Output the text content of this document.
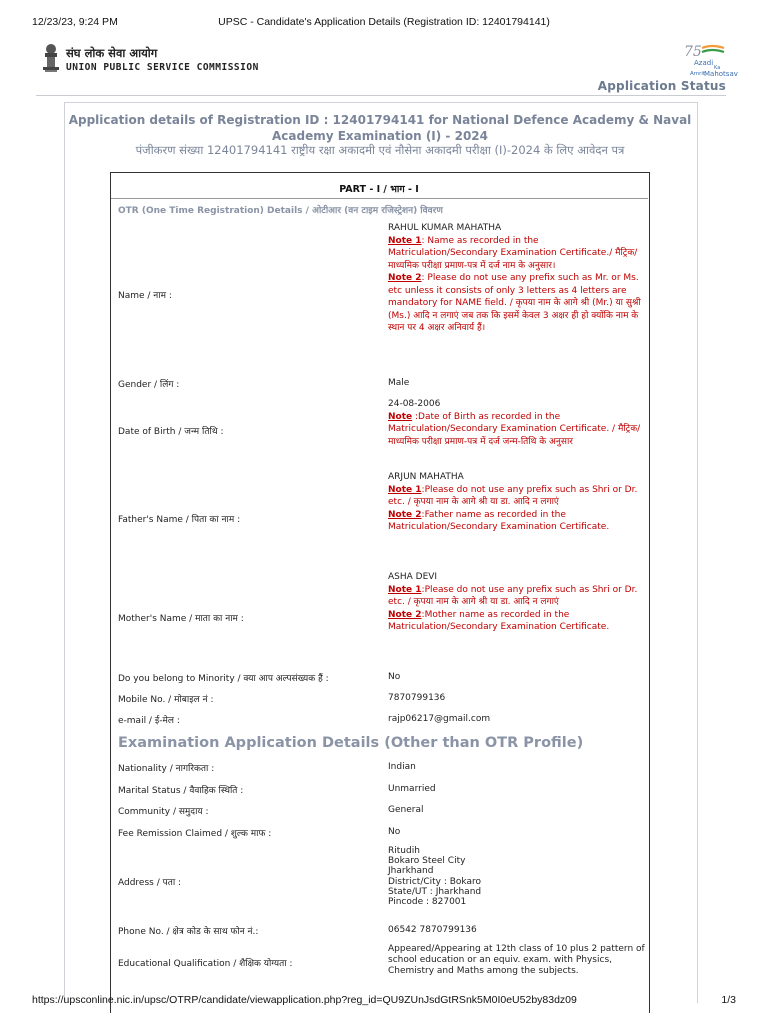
12/23/23, 9:24 PM	UPSC - Candidate's Application Details (Registration ID: 12401794141)
संघ लोक सेवा आयोग
UNION PUBLIC SERVICE COMMISSION
75
Azadi
Ka
Amrit
Mahotsav
Application Status
Application details of Registration ID : 12401794141 for National Defence Academy & Naval
Academy Examination (I) - 2024
पंजीकरण संख्या 12401794141 राष्ट्रीय रक्षा अकादमी एवं नौसेना अकादमी परीक्षा (I)-2024 के लिए आवेदन पत्र
PART - I / भाग - I
OTR (One Time Registration) Details / ओटीआर (वन टाइम रजिस्ट्रेशन) विवरण
Name / नाम :
RAHUL KUMAR MAHATHA
Note 1: Name as recorded in the Matriculation/Secondary Examination Certificate./ मैट्रिक/माध्यमिक परीक्षा प्रमाण-पत्र में दर्ज नाम के अनुसार।
Note 2: Please do not use any prefix such as Mr. or Ms. etc unless it consists of only 3 letters as 4 letters are mandatory for NAME field. / कृपया नाम के आगे श्री (Mr.) या सुश्री (Ms.) आदि न लगाएं जब तक कि इसमें केवल 3 अक्षर ही हो क्योंकि नाम के स्थान पर 4 अक्षर अनिवार्य हैं।
Gender / लिंग :	Male
Date of Birth / जन्म तिथि :
24-08-2006
Note :Date of Birth as recorded in the Matriculation/Secondary Examination Certificate. / मैट्रिक/माध्यमिक परीक्षा प्रमाण-पत्र में दर्ज जन्म-तिथि के अनुसार
Father's Name / पिता का नाम :
ARJUN MAHATHA
Note 1:Please do not use any prefix such as Shri or Dr. etc. / कृपया नाम के आगे श्री या डा. आदि न लगाएं
Note 2:Father name as recorded in the Matriculation/Secondary Examination Certificate.
Mother's Name / माता का नाम :
ASHA DEVI
Note 1:Please do not use any prefix such as Shri or Dr. etc. / कृपया नाम के आगे श्री या डा. आदि न लगाएं
Note 2:Mother name as recorded in the Matriculation/Secondary Examination Certificate.
Do you belong to Minority / क्या आप अल्पसंख्यक हैं :	No
Mobile No. / मोबाइल नं :	7870799136
e-mail / ई-मेल :	rajp06217@gmail.com
Examination Application Details (Other than OTR Profile)
Nationality / नागरिकता :	Indian
Marital Status / वैवाहिक स्थिति :	Unmarried
Community / समुदाय :	General
Fee Remission Claimed / शुल्क माफ :	No
Address / पता :
Ritudih
Bokaro Steel City
Jharkhand
District/City : Bokaro
State/UT : Jharkhand
Pincode : 827001
Phone No. / क्षेत्र कोड के साथ फोन नं.:	06542 7870799136
Educational Qualification / शैक्षिक योग्यता :
Appeared/Appearing at 12th class of 10 plus 2 pattern of school education or an equiv. exam. with Physics, Chemistry and Maths among the subjects.
https://upsconline.nic.in/upsc/OTRP/candidate/viewapplication.php?reg_id=QU9ZUnJsdGtRSnk5M0I0eU52by83dz09	1/3
